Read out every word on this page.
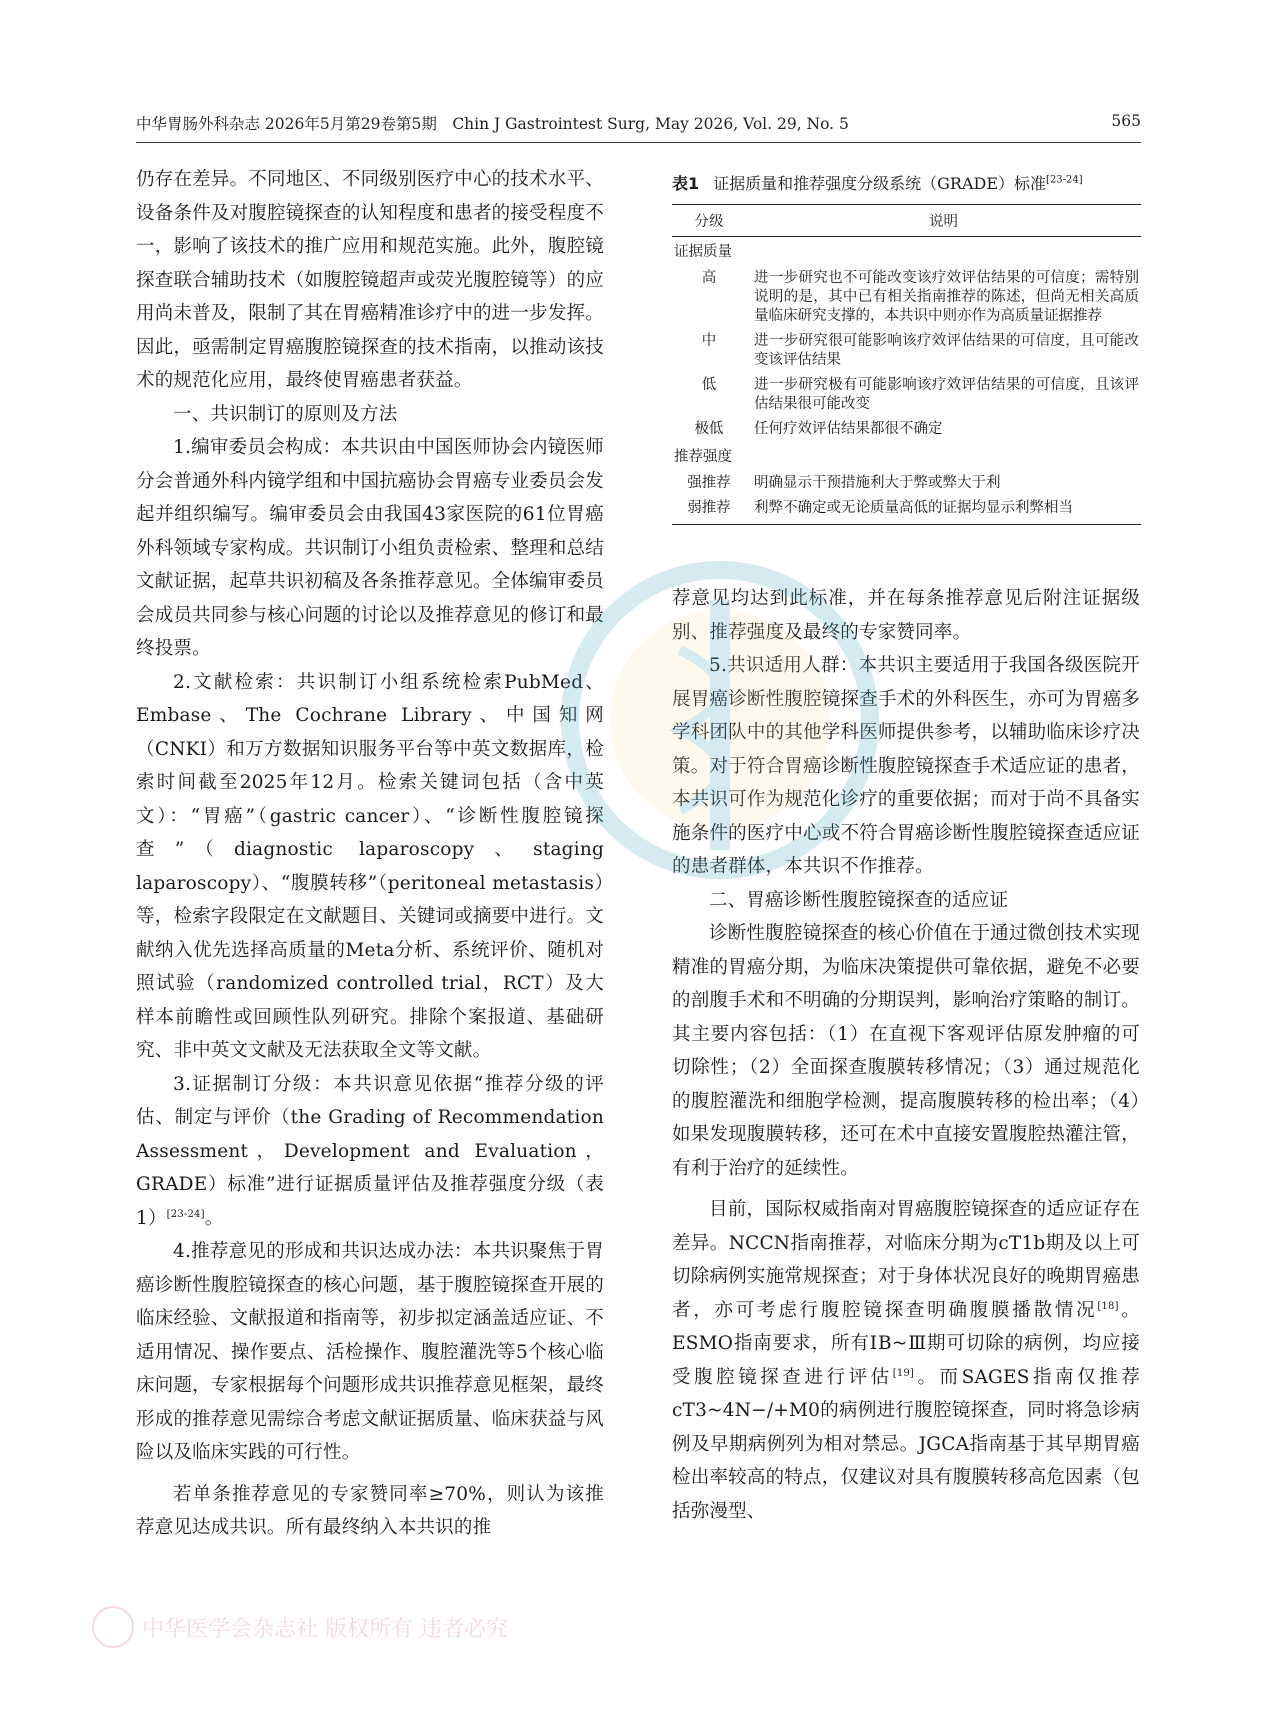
中华胃肠外科杂志 2026年5月第29卷第5期　Chin J Gastrointest Surg, May 2026, Vol. 29, No. 5	565

仍存在差异。不同地区、不同级别医疗中心的技术水平、设备条件及对腹腔镜探查的认知程度和患者的接受程度不一，影响了该技术的推广应用和规范实施。此外，腹腔镜探查联合辅助技术（如腹腔镜超声或荧光腹腔镜等）的应用尚未普及，限制了其在胃癌精准诊疗中的进一步发挥。因此，亟需制定胃癌腹腔镜探查的技术指南，以推动该技术的规范化应用，最终使胃癌患者获益。

一、共识制订的原则及方法

1.编审委员会构成：本共识由中国医师协会内镜医师分会普通外科内镜学组和中国抗癌协会胃癌专业委员会发起并组织编写。编审委员会由我国43家医院的61位胃癌外科领域专家构成。共识制订小组负责检索、整理和总结文献证据，起草共识初稿及各条推荐意见。全体编审委员会成员共同参与核心问题的讨论以及推荐意见的修订和最终投票。

2.文献检索：共识制订小组系统检索PubMed、Embase、The Cochrane Library、中国知网（CNKI）和万方数据知识服务平台等中英文数据库，检索时间截至2025年12月。检索关键词包括（含中英文）：“胃癌”（gastric cancer）、“诊断性腹腔镜探查”（diagnostic laparoscopy、staging laparoscopy）、“腹膜转移”（peritoneal metastasis）等，检索字段限定在文献题目、关键词或摘要中进行。文献纳入优先选择高质量的Meta分析、系统评价、随机对照试验（randomized controlled trial，RCT）及大样本前瞻性或回顾性队列研究。排除个案报道、基础研究、非中英文文献及无法获取全文等文献。

3.证据制订分级：本共识意见依据“推荐分级的评估、制定与评价（the Grading of Recommendation Assessment，Development and Evaluation，GRADE）标准”进行证据质量评估及推荐强度分级（表1）[23-24]。

4.推荐意见的形成和共识达成办法：本共识聚焦于胃癌诊断性腹腔镜探查的核心问题，基于腹腔镜探查开展的临床经验、文献报道和指南等，初步拟定涵盖适应证、不适用情况、操作要点、活检操作、腹腔灌洗等5个核心临床问题，专家根据每个问题形成共识推荐意见框架，最终形成的推荐意见需综合考虑文献证据质量、临床获益与风险以及临床实践的可行性。

若单条推荐意见的专家赞同率≥70%，则认为该推荐意见达成共识。所有最终纳入本共识的推

表1 证据质量和推荐强度分级系统（GRADE）标准[23-24]
分级	说明
证据质量	
高	进一步研究也不可能改变该疗效评估结果的可信度；需特别说明的是，其中已有相关指南推荐的陈述，但尚无相关高质量临床研究支撑的，本共识中则亦作为高质量证据推荐
中	进一步研究很可能影响该疗效评估结果的可信度，且可能改变该评估结果
低	进一步研究极有可能影响该疗效评估结果的可信度，且该评估结果很可能改变
极低	任何疗效评估结果都很不确定
推荐强度	
强推荐	明确显示干预措施利大于弊或弊大于利
弱推荐	利弊不确定或无论质量高低的证据均显示利弊相当

荐意见均达到此标准，并在每条推荐意见后附注证据级别、推荐强度及最终的专家赞同率。

5.共识适用人群：本共识主要适用于我国各级医院开展胃癌诊断性腹腔镜探查手术的外科医生，亦可为胃癌多学科团队中的其他学科医师提供参考，以辅助临床诊疗决策。对于符合胃癌诊断性腹腔镜探查手术适应证的患者，本共识可作为规范化诊疗的重要依据；而对于尚不具备实施条件的医疗中心或不符合胃癌诊断性腹腔镜探查适应证的患者群体，本共识不作推荐。

二、胃癌诊断性腹腔镜探查的适应证

诊断性腹腔镜探查的核心价值在于通过微创技术实现精准的胃癌分期，为临床决策提供可靠依据，避免不必要的剖腹手术和不明确的分期误判，影响治疗策略的制订。其主要内容包括：（1）在直视下客观评估原发肿瘤的可切除性；（2）全面探查腹膜转移情况；（3）通过规范化的腹腔灌洗和细胞学检测，提高腹膜转移的检出率；（4）如果发现腹膜转移，还可在术中直接安置腹腔热灌注管，有利于治疗的延续性。

目前，国际权威指南对胃癌腹腔镜探查的适应证存在差异。NCCN指南推荐，对临床分期为cT1b期及以上可切除病例实施常规探查；对于身体状况良好的晚期胃癌患者，亦可考虑行腹腔镜探查明确腹膜播散情况[18]。ESMO指南要求，所有ⅠB~Ⅲ期可切除的病例，均应接受腹腔镜探查进行评估[19]。而SAGES指南仅推荐cT3~4N−/+M0的病例进行腹腔镜探查，同时将急诊病例及早期病例列为相对禁忌。JGCA指南基于其早期胃癌检出率较高的特点，仅建议对具有腹膜转移高危因素（包括弥漫型、

中华医学会杂志社 版权所有 违者必究
